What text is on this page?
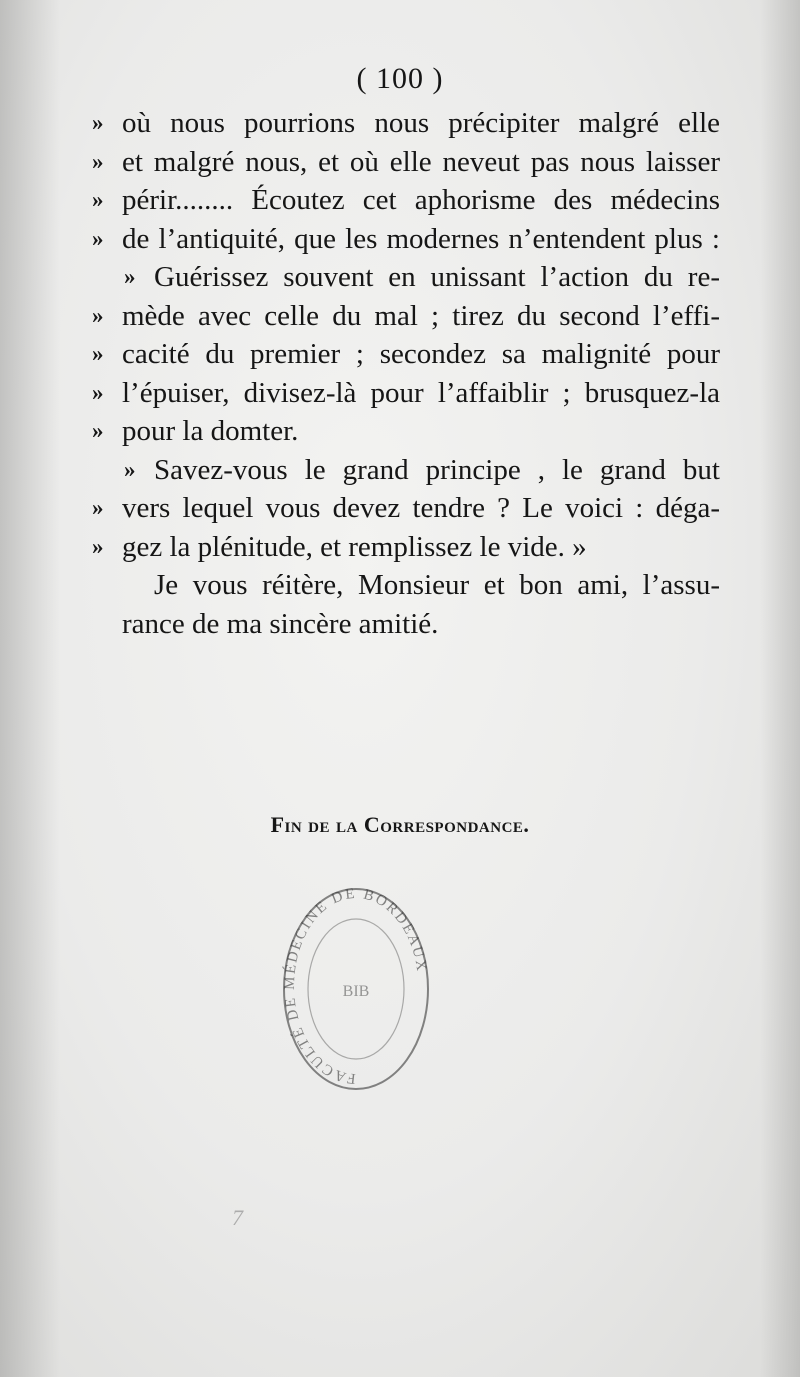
( 100 )
» où nous pourrions nous précipiter malgré elle
» et malgré nous, et où elle neveut pas nous laisser
» périr........ Écoutez cet aphorisme des médecins
» de l’antiquité, que les modernes n’entendent plus :
» Guérissez souvent en unissant l’action du re-
» mède avec celle du mal ; tirez du second l’effi-
» cacité du premier ; secondez sa malignité pour
» l’épuiser, divisez-là pour l’affaiblir ; brusquez-la
» pour la domter.
» Savez-vous le grand principe , le grand but
» vers lequel vous devez tendre ? Le voici : déga-
» gez la plénitude, et remplissez le vide. »
Je vous réitère, Monsieur et bon ami, l’assu-
rance de ma sincère amitié.
Fin de la Correspondance.
FACULTÉ DE MÉDECINE DE BORDEAUX
BIB
7
